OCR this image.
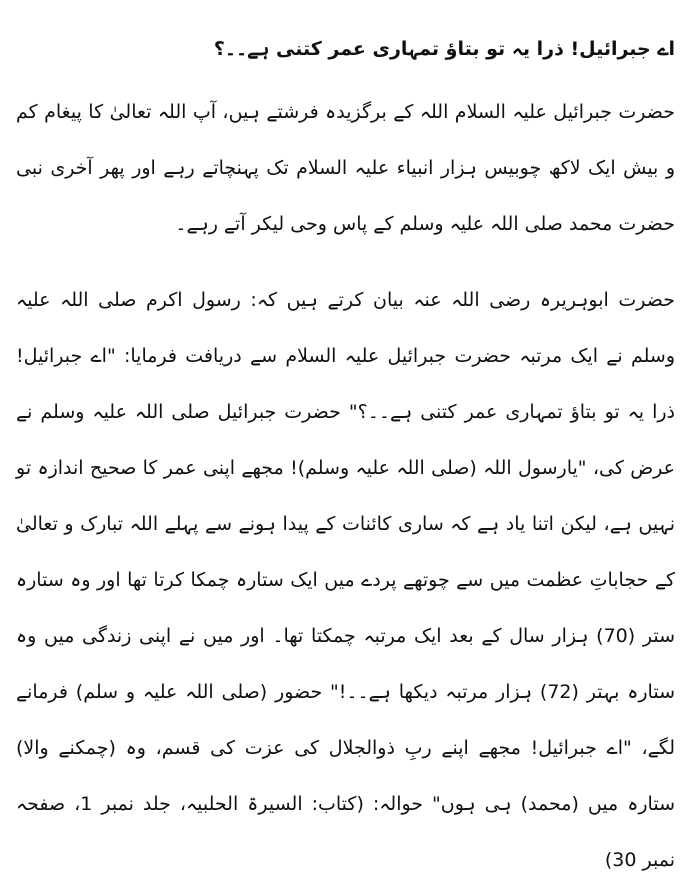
اے جبرائیل! ذرا یہ تو بتاؤ تمہاری عمر کتنی ہے۔۔؟

حضرت جبرائیل علیہ السلام اللہ کے برگزیدہ فرشتے ہیں، آپ اللہ تعالیٰ کا پیغام کم و بیش ایک لاکھ چوبیس ہزار انبیاء علیہ السلام تک پہنچاتے رہے اور پھر آخری نبی حضرت محمد صلی اللہ علیہ وسلم کے پاس وحی لیکر آتے رہے۔

حضرت ابوہریرہ رضی اللہ عنہ بیان کرتے ہیں کہ: رسول اکرم صلی اللہ علیہ وسلم نے ایک مرتبہ حضرت جبرائیل علیہ السلام سے دریافت فرمایا: "اے جبرائیل! ذرا یہ تو بتاؤ تمہاری عمر کتنی ہے۔۔؟" حضرت جبرائیل صلی اللہ علیہ وسلم نے عرض کی، "یارسول اللہ (صلی اللہ علیہ وسلم)! مجھے اپنی عمر کا صحیح اندازہ تو نہیں ہے، لیکن اتنا یاد ہے کہ ساری کائنات کے پیدا ہونے سے پہلے اللہ تبارک و تعالیٰ کے حجاباتِ عظمت میں سے چوتھے پردے میں ایک ستارہ چمکا کرتا تھا اور وہ ستارہ ستر (70) ہزار سال کے بعد ایک مرتبہ چمکتا تھا۔ اور میں نے اپنی زندگی میں وہ ستارہ بہتر (72) ہزار مرتبہ دیکھا ہے۔۔!" حضور (صلی اللہ علیہ و سلم) فرمانے لگے، "اے جبرائیل! مجھے اپنے ربِ ذوالجلال کی عزت کی قسم، وہ (چمکنے والا) ستارہ میں (محمد) ہی ہوں" حوالہ: (کتاب: السیرۃ الحلبیہ، جلد نمبر 1، صفحہ نمبر 30)
